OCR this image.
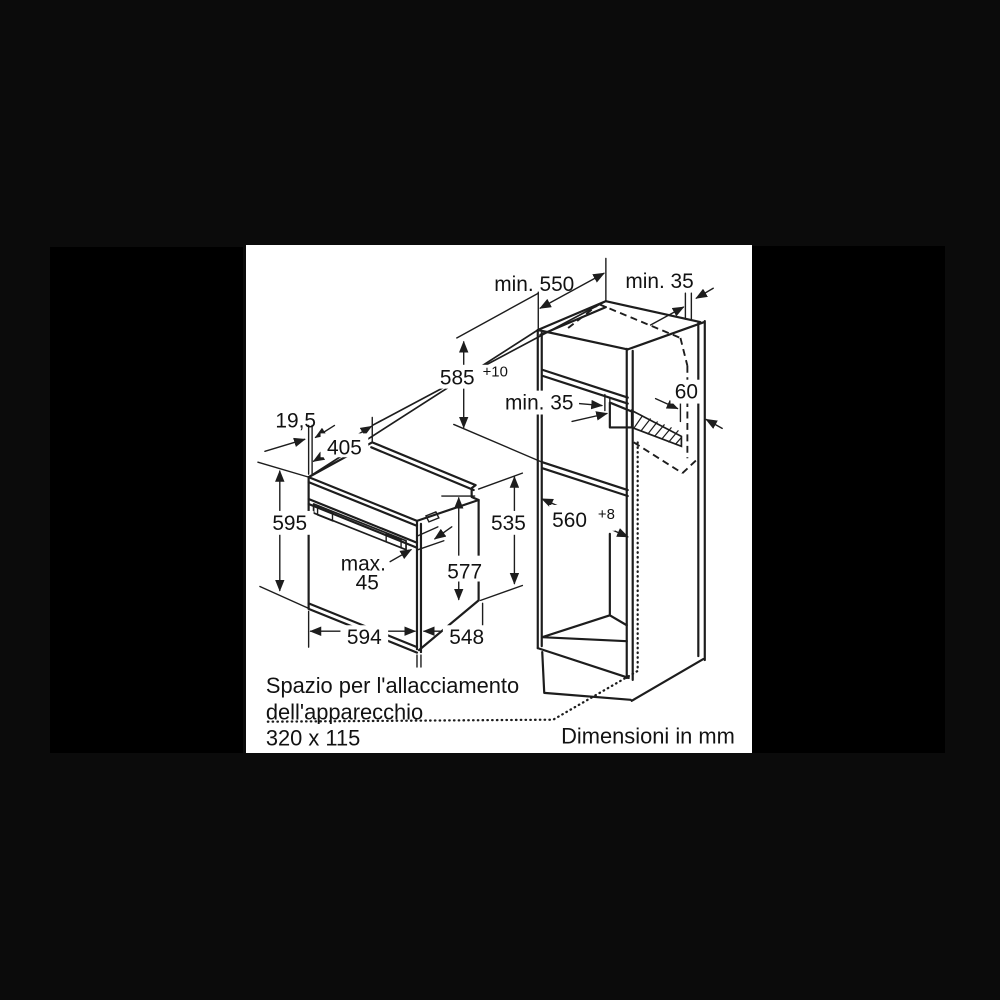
19,5
405
595
max.
45	577
594	548
535
min. 550 min. 35
585 +10
min. 35	60
560 +8
Spazio per l'allacciamento
dell'apparecchio
320 x 115	Dimensioni in mm
